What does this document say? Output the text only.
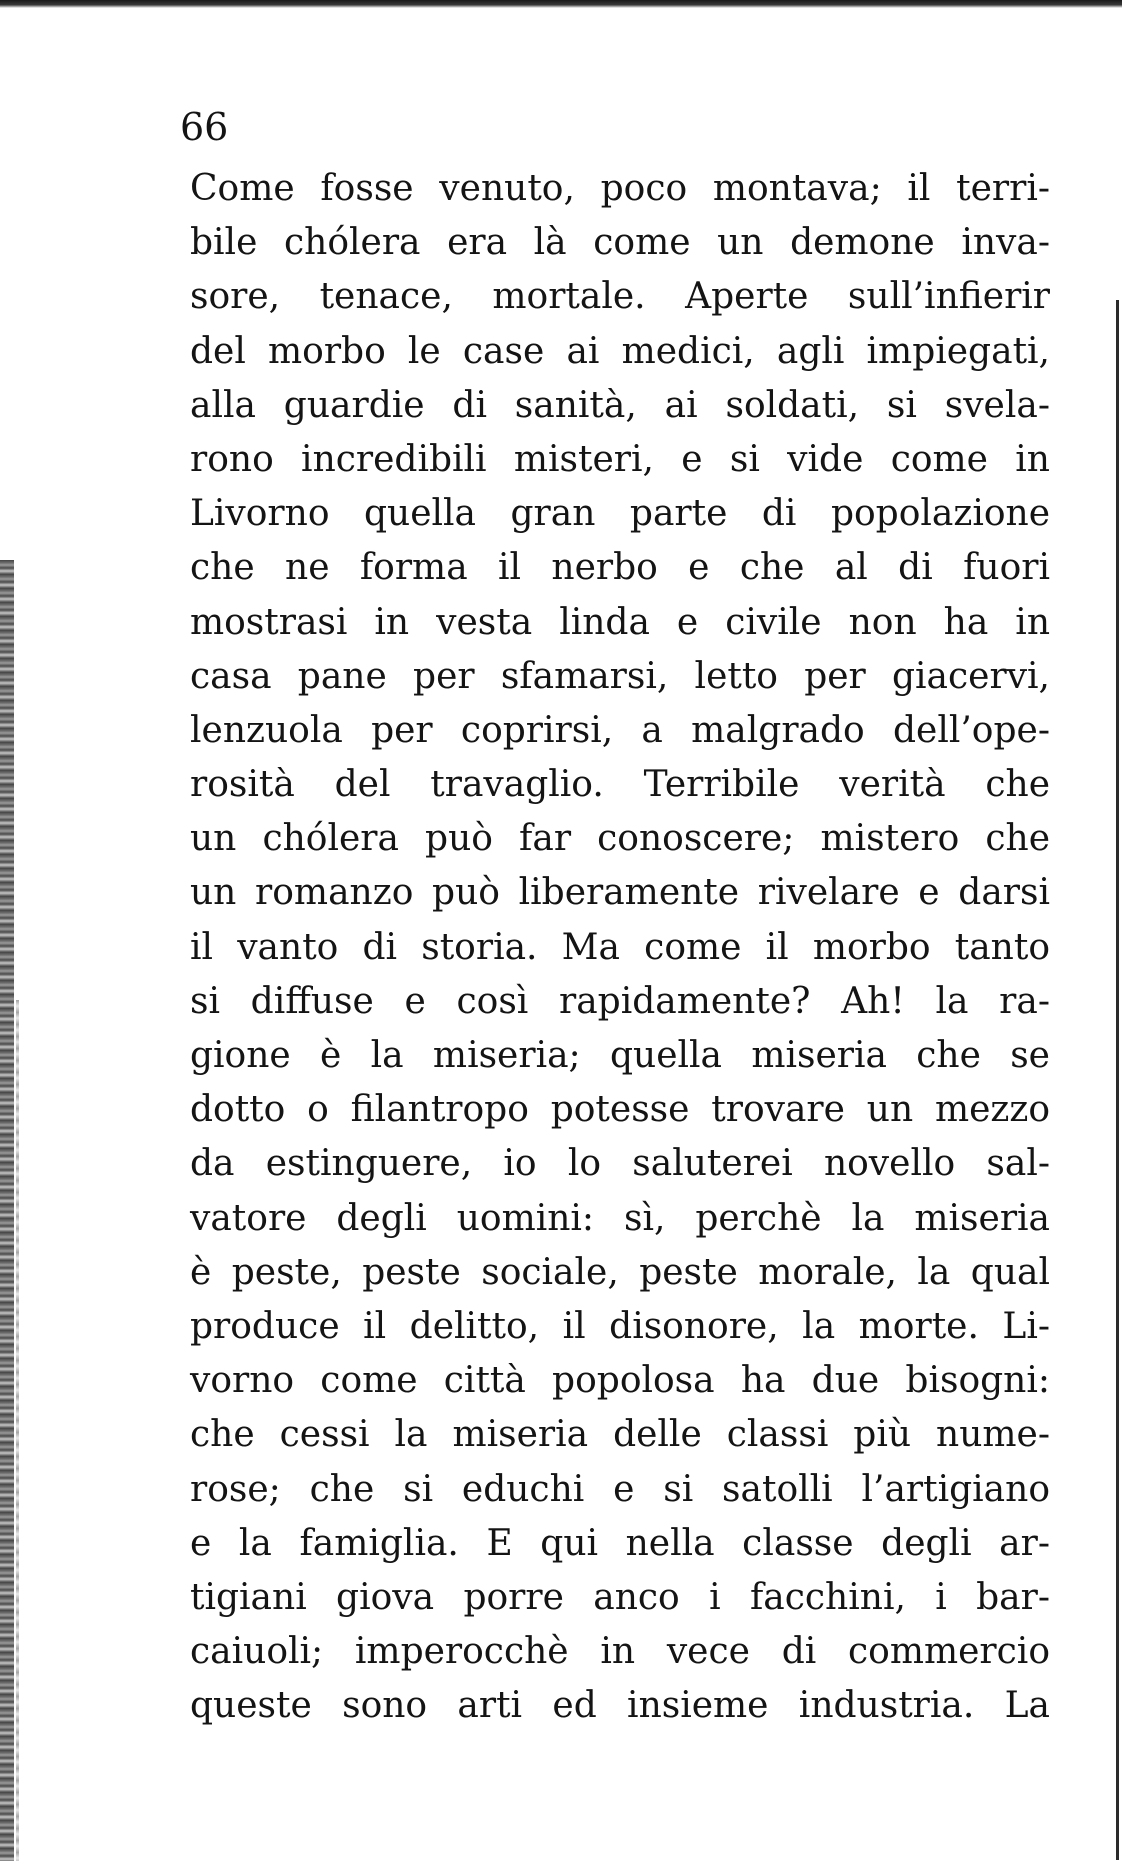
66

Come fosse venuto, poco montava; il terri-
bile chólera era là come un demone inva-
sore, tenace, mortale. Aperte sull’infierir
del morbo le case ai medici, agli impiegati,
alla guardie di sanità, ai soldati, si svela-
rono incredibili misteri, e si vide come in
Livorno quella gran parte di popolazione
che ne forma il nerbo e che al di fuori
mostrasi in vesta linda e civile non ha in
casa pane per sfamarsi, letto per giacervi,
lenzuola per coprirsi, a malgrado dell’ope-
rosità del travaglio. Terribile verità che
un chólera può far conoscere; mistero che
un romanzo può liberamente rivelare e darsi
il vanto di storia. Ma come il morbo tanto
si diffuse e così rapidamente? Ah! la ra-
gione è la miseria; quella miseria che se
dotto o filantropo potesse trovare un mezzo
da estinguere, io lo saluterei novello sal-
vatore degli uomini: sì, perchè la miseria
è peste, peste sociale, peste morale, la qual
produce il delitto, il disonore, la morte. Li-
vorno come città popolosa ha due bisogni:
che cessi la miseria delle classi più nume-
rose; che si educhi e si satolli l’artigiano
e la famiglia. E qui nella classe degli ar-
tigiani giova porre anco i facchini, i bar-
caiuoli; imperocchè in vece di commercio
queste sono arti ed insieme industria. La
